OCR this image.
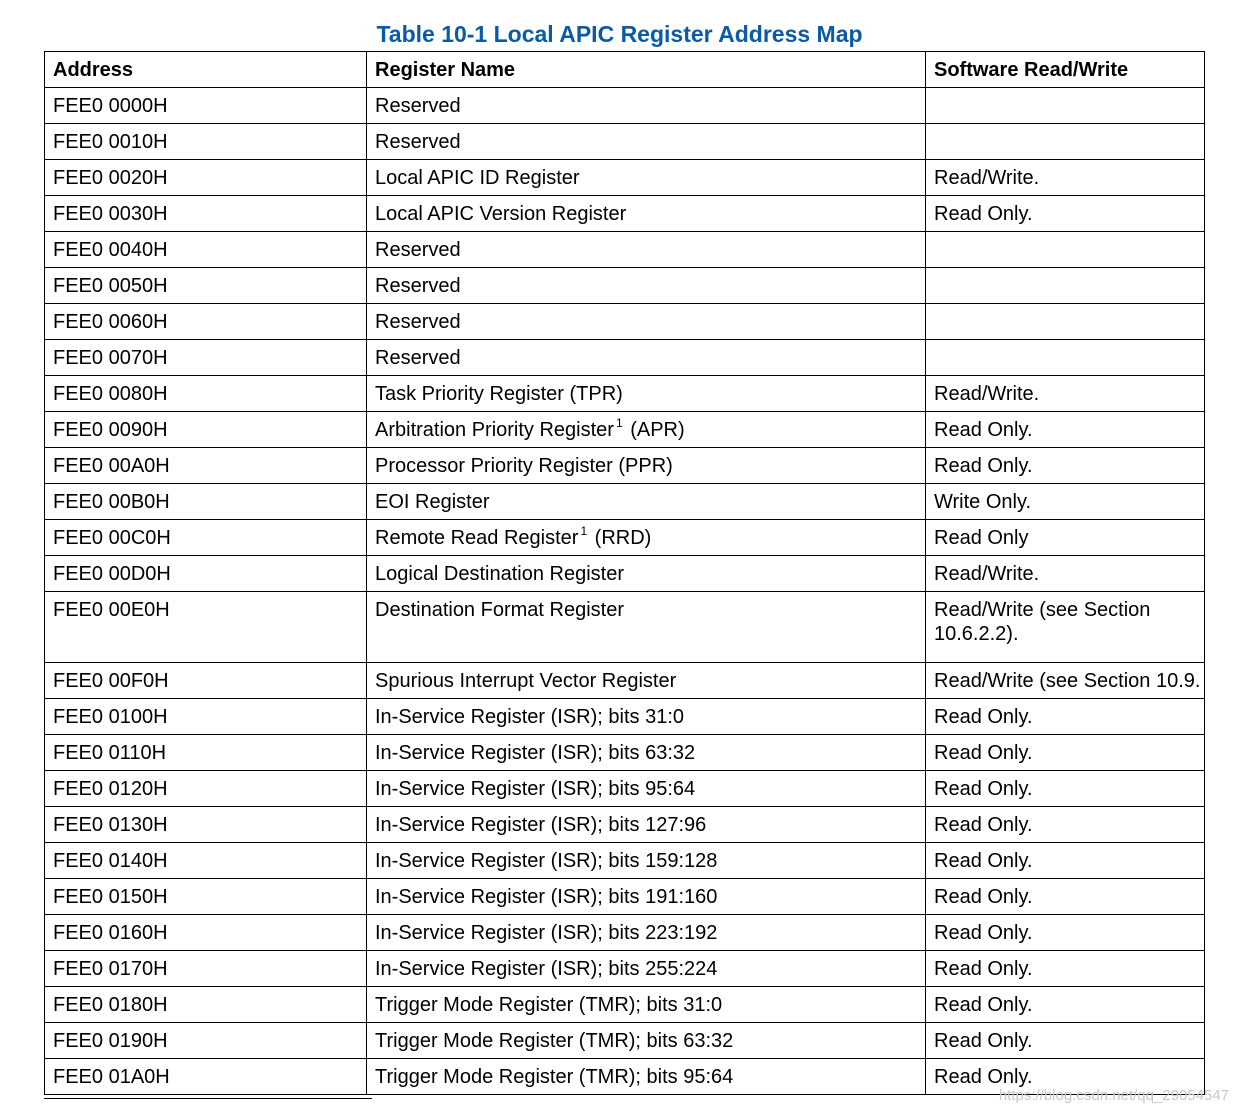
Table 10-1 Local APIC Register Address Map
Address	Register Name	Software Read/Write
FEE0 0000H	Reserved	
FEE0 0010H	Reserved	
FEE0 0020H	Local APIC ID Register	Read/Write.
FEE0 0030H	Local APIC Version Register	Read Only.
FEE0 0040H	Reserved	
FEE0 0050H	Reserved	
FEE0 0060H	Reserved	
FEE0 0070H	Reserved	
FEE0 0080H	Task Priority Register (TPR)	Read/Write.
FEE0 0090H	Arbitration Priority Register $^1$ (APR)	Read Only.
FEE0 00A0H	Processor Priority Register (PPR)	Read Only.
FEE0 00B0H	EOI Register	Write Only.
FEE0 00C0H	Remote Read Register $^1$ (RRD)	Read Only
FEE0 00D0H	Logical Destination Register	Read/Write.
FEE0 00E0H	Destination Format Register	Read/Write (see Section 10.6.2.2).
FEE0 00F0H	Spurious Interrupt Vector Register	Read/Write (see Section 10.9.
FEE0 0100H	In-Service Register (ISR); bits 31:0	Read Only.
FEE0 0110H	In-Service Register (ISR); bits 63:32	Read Only.
FEE0 0120H	In-Service Register (ISR); bits 95:64	Read Only.
FEE0 0130H	In-Service Register (ISR); bits 127:96	Read Only.
FEE0 0140H	In-Service Register (ISR); bits 159:128	Read Only.
FEE0 0150H	In-Service Register (ISR); bits 191:160	Read Only.
FEE0 0160H	In-Service Register (ISR); bits 223:192	Read Only.
FEE0 0170H	In-Service Register (ISR); bits 255:224	Read Only.
FEE0 0180H	Trigger Mode Register (TMR); bits 31:0	Read Only.
FEE0 0190H	Trigger Mode Register (TMR); bits 63:32	Read Only.
FEE0 01A0H	Trigger Mode Register (TMR); bits 95:64	Read Only.
https://blog.csdn.net/qq_29054547
